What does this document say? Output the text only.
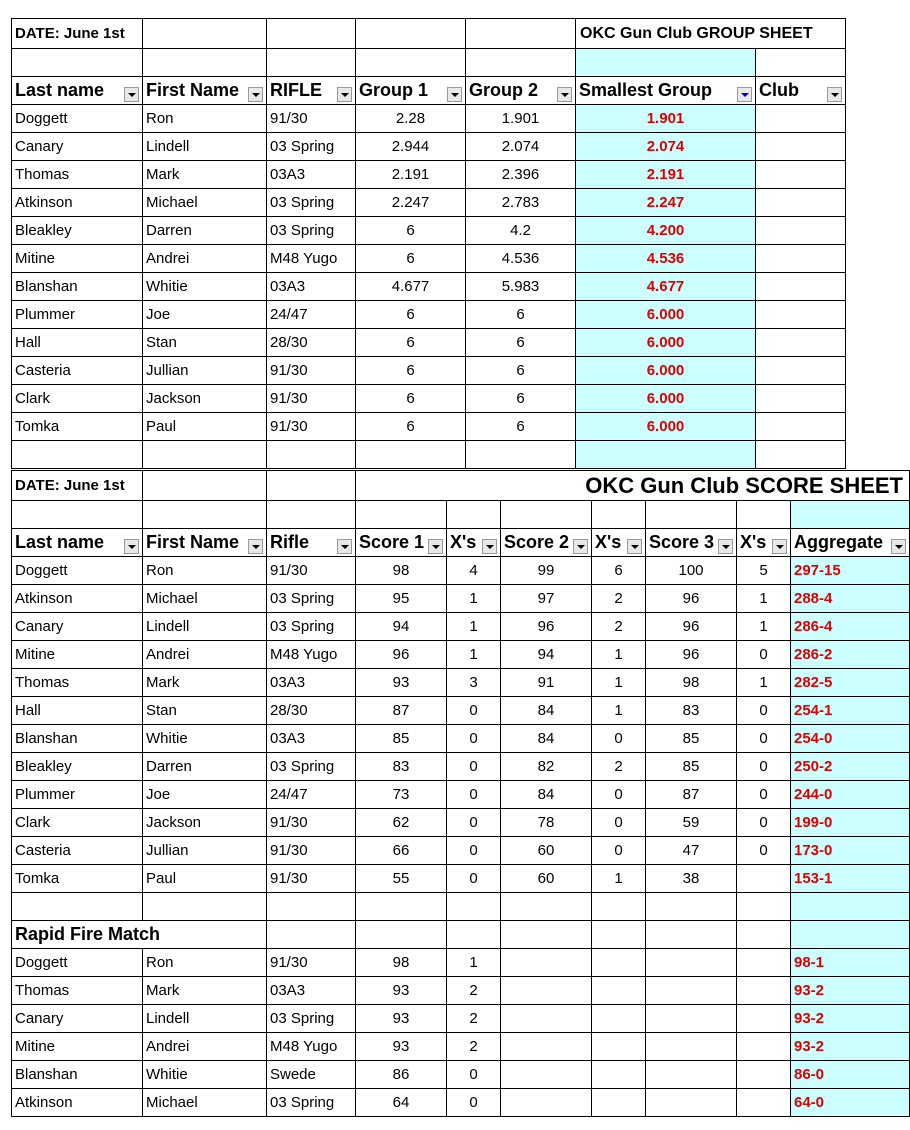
DATE: June 1st					OKC Gun Club GROUP SHEET	

Last name	First Name	RIFLE	Group 1	Group 2	Smallest Group	Club

Doggett	Ron	91/30	2.28	1.901	1.901	
Canary	Lindell	03 Spring	2.944	2.074	2.074	
Thomas	Mark	03A3	2.191	2.396	2.191	
Atkinson	Michael	03 Spring	2.247	2.783	2.247	
Bleakley	Darren	03 Spring	6	4.2	4.200	
Mitine	Andrei	M48 Yugo	6	4.536	4.536	
Blanshan	Whitie	03A3	4.677	5.983	4.677	
Plummer	Joe	24/47	6	6	6.000	
Hall	Stan	28/30	6	6	6.000	
Casteria	Jullian	91/30	6	6	6.000	
Clark	Jackson	91/30	6	6	6.000	
Tomka	Paul	91/30	6	6	6.000	

DATE: June 1st			OKC Gun Club SCORE SHEET						

Last name	First Name	Rifle	Score 1	X's	Score 2	X's	Score 3	X's	Aggregate

Doggett	Ron	91/30	98	4	99	6	100	5	297-15
Atkinson	Michael	03 Spring	95	1	97	2	96	1	288-4
Canary	Lindell	03 Spring	94	1	96	2	96	1	286-4
Mitine	Andrei	M48 Yugo	96	1	94	1	96	0	286-2
Thomas	Mark	03A3	93	3	91	1	98	1	282-5
Hall	Stan	28/30	87	0	84	1	83	0	254-1
Blanshan	Whitie	03A3	85	0	84	0	85	0	254-0
Bleakley	Darren	03 Spring	83	0	82	2	85	0	250-2
Plummer	Joe	24/47	73	0	84	0	87	0	244-0
Clark	Jackson	91/30	62	0	78	0	59	0	199-0
Casteria	Jullian	91/30	66	0	60	0	47	0	173-0
Tomka	Paul	91/30	55	0	60	1	38		153-1

Rapid Fire Match									
Doggett	Ron	91/30	98	1					98-1
Thomas	Mark	03A3	93	2					93-2
Canary	Lindell	03 Spring	93	2					93-2
Mitine	Andrei	M48 Yugo	93	2					93-2
Blanshan	Whitie	Swede	86	0					86-0
Atkinson	Michael	03 Spring	64	0					64-0
